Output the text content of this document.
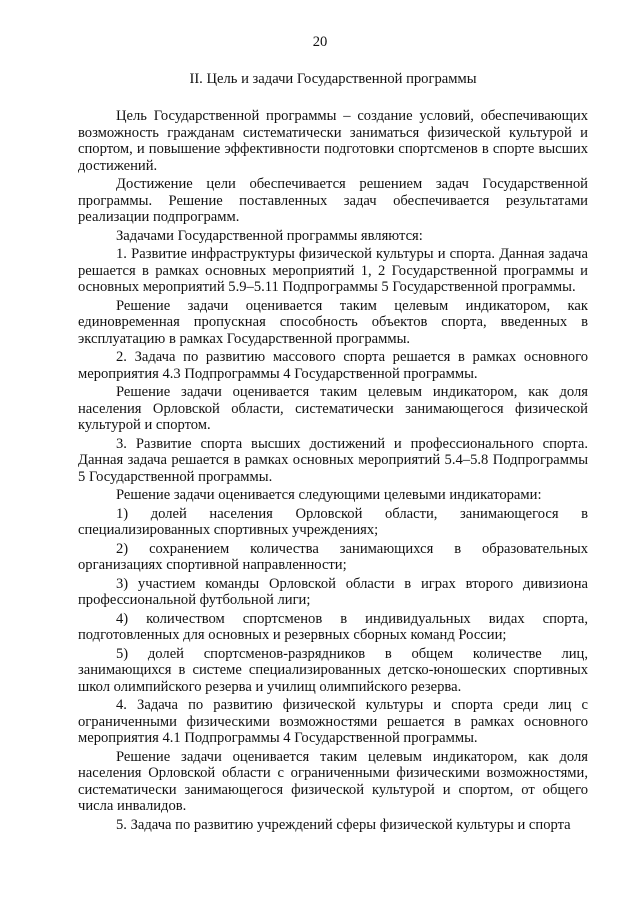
20
II. Цель и задачи Государственной программы

Цель Государственной программы – создание условий, обеспечивающих возможность гражданам систематически заниматься физической культурой и спортом, и повышение эффективности подготовки спортсменов в спорте высших достижений.

Достижение цели обеспечивается решением задач Государственной программы. Решение поставленных задач обеспечивается результатами реализации подпрограмм.

Задачами Государственной программы являются:

1. Развитие инфраструктуры физической культуры и спорта. Данная задача решается в рамках основных мероприятий 1, 2 Государственной программы и основных мероприятий 5.9–5.11 Подпрограммы 5 Государственной программы.

Решение задачи оценивается таким целевым индикатором, как единовременная пропускная способность объектов спорта, введенных в эксплуатацию в рамках Государственной программы.

2. Задача по развитию массового спорта решается в рамках основного мероприятия 4.3 Подпрограммы 4 Государственной программы.

Решение задачи оценивается таким целевым индикатором, как доля населения Орловской области, систематически занимающегося физической культурой и спортом.

3. Развитие спорта высших достижений и профессионального спорта. Данная задача решается в рамках основных мероприятий 5.4–5.8 Подпрограммы 5 Государственной программы.

Решение задачи оценивается следующими целевыми индикаторами:

1) долей населения Орловской области, занимающегося в специализированных спортивных учреждениях;

2) сохранением количества занимающихся в образовательных организациях спортивной направленности;

3) участием команды Орловской области в играх второго дивизиона профессиональной футбольной лиги;

4) количеством спортсменов в индивидуальных видах спорта, подготовленных для основных и резервных сборных команд России;

5) долей спортсменов-разрядников в общем количестве лиц, занимающихся в системе специализированных детско-юношеских спортивных школ олимпийского резерва и училищ олимпийского резерва.

4. Задача по развитию физической культуры и спорта среди лиц с ограниченными физическими возможностями решается в рамках основного мероприятия 4.1 Подпрограммы 4 Государственной программы.

Решение задачи оценивается таким целевым индикатором, как доля населения Орловской области с ограниченными физическими возможностями, систематически занимающегося физической культурой и спортом, от общего числа инвалидов.

5. Задача по развитию учреждений сферы физической культуры и спорта
